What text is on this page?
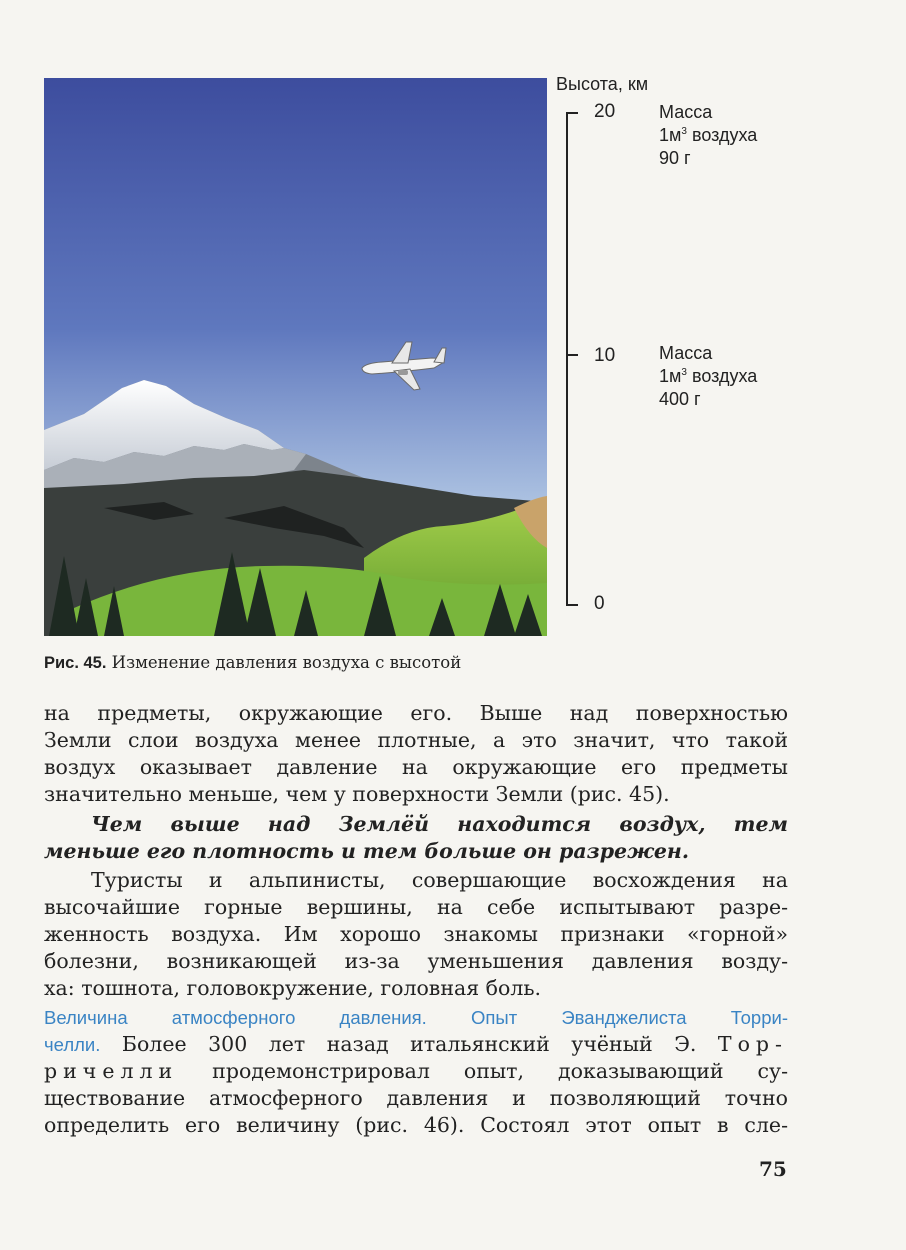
Высота, км
20
10
0
Масса
$1м^3$ воздуха
90 г
Масса
$1м^3$ воздуха
400 г
Рис. 45. Изменение давления воздуха с высотой
на предметы, окружающие его. Выше над поверхностью
Земли слои воздуха менее плотные, а это значит, что такой
воздух оказывает давление на окружающие его предметы
значительно меньше, чем у поверхности Земли (рис. 45).
Чем выше над Землёй находится воздух, тем
меньше его плотность и тем больше он разрежен.
Туристы и альпинисты, совершающие восхождения на
высочайшие горные вершины, на себе испытывают разре-
женность воздуха. Им хорошо знакомы признаки «горной»
болезни, возникающей из-за уменьшения давления возду-
ха: тошнота, головокружение, головная боль.
Величина атмосферного давления. Опыт Эванджелиста Торри-
челли. Более 300 лет назад итальянский учёный Э. Тор-
ричелли продемонстрировал опыт, доказывающий су-
ществование атмосферного давления и позволяющий точно
определить его величину (рис. 46). Состоял этот опыт в сле-
75
